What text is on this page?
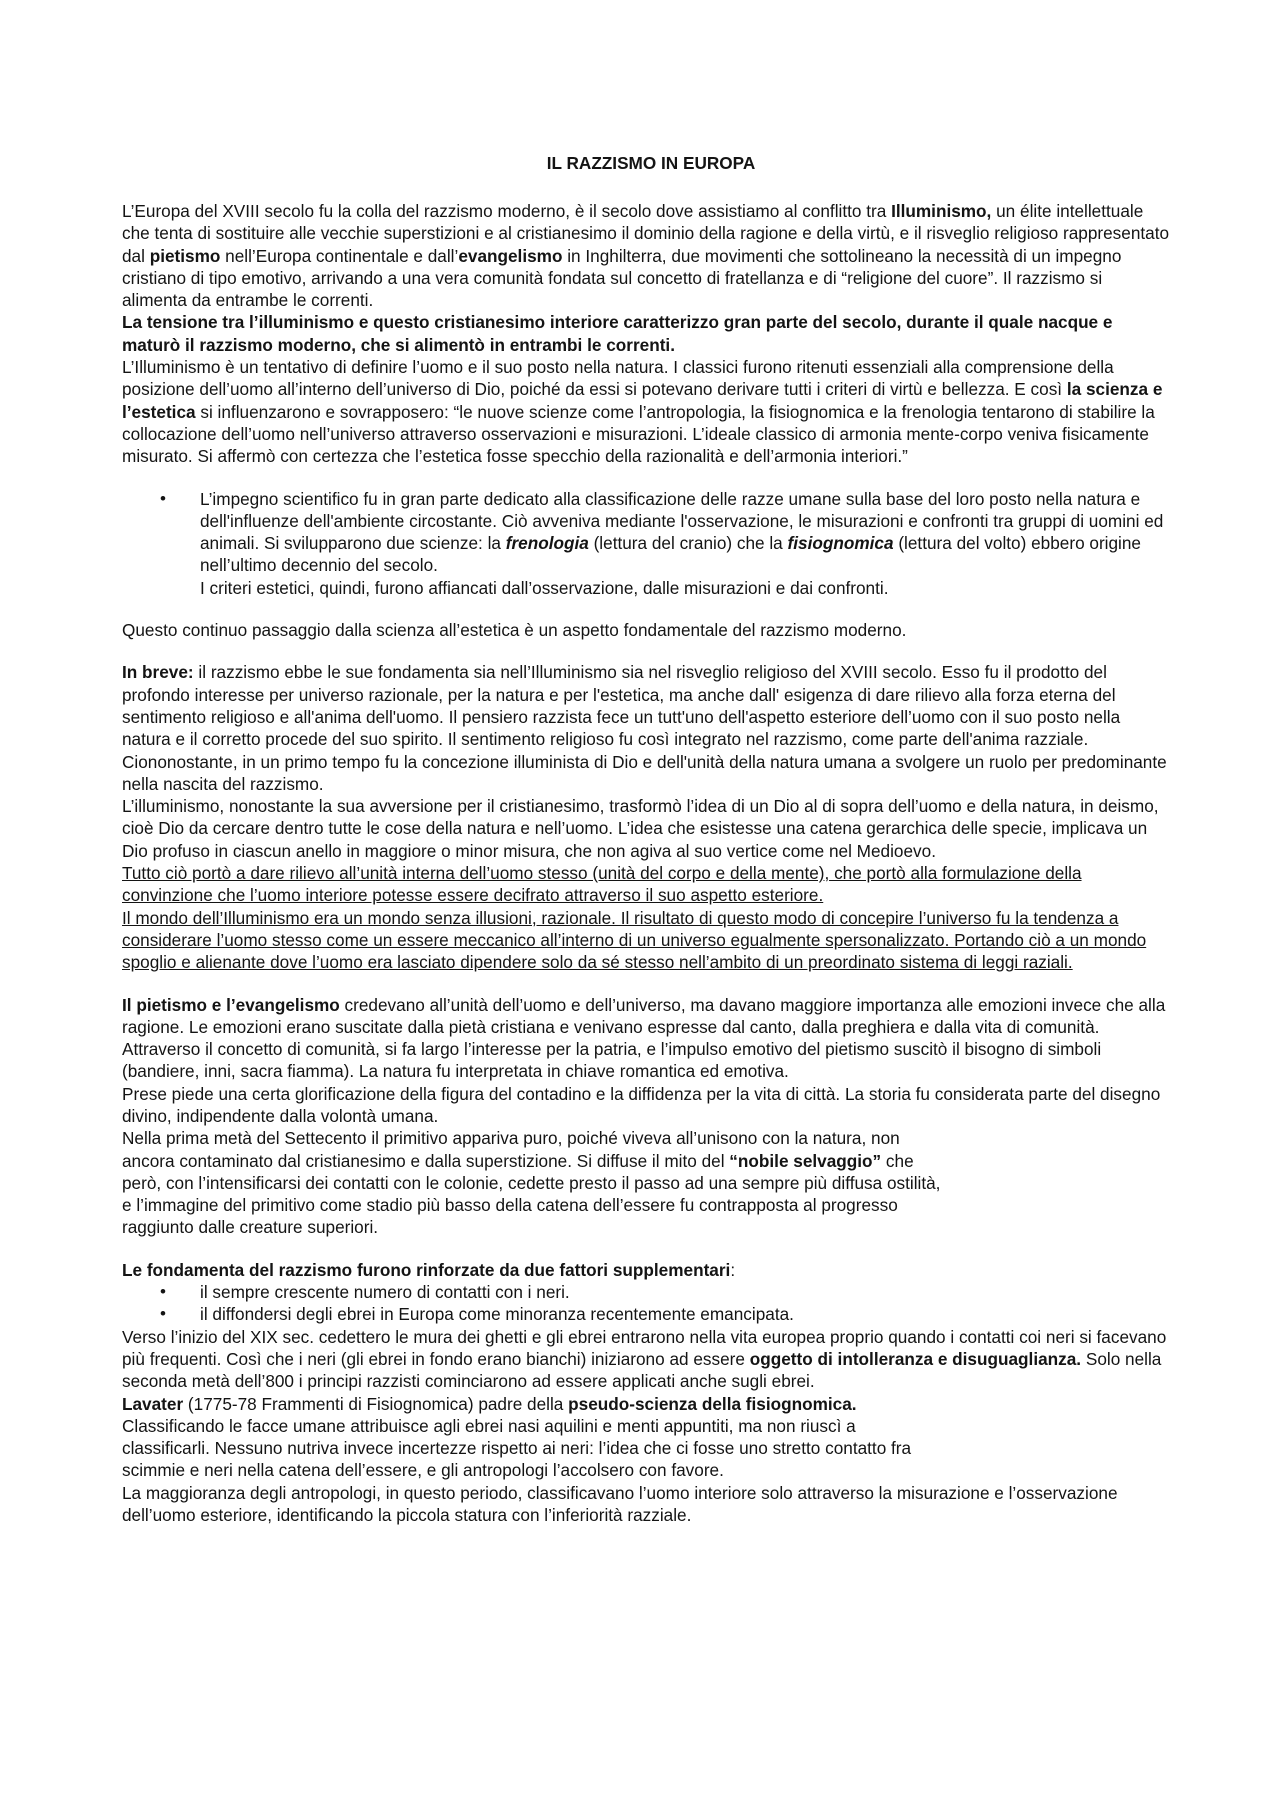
IL RAZZISMO IN EUROPA

L’Europa del XVIII secolo fu la colla del razzismo moderno, è il secolo dove assistiamo al conflitto tra Illuminismo, un élite intellettuale che tenta di sostituire alle vecchie superstizioni e al cristianesimo il dominio della ragione e della virtù, e il risveglio religioso rappresentato dal pietismo nell’Europa continentale e dall’evangelismo in Inghilterra, due movimenti che sottolineano la necessità di un impegno cristiano di tipo emotivo, arrivando a una vera comunità fondata sul concetto di fratellanza e di “religione del cuore”. Il razzismo si alimenta da entrambe le correnti.

La tensione tra l’illuminismo e questo cristianesimo interiore caratterizzo gran parte del secolo, durante il quale nacque e maturò il razzismo moderno, che si alimentò in entrambi le correnti.

L’Illuminismo è un tentativo di definire l’uomo e il suo posto nella natura. I classici furono ritenuti essenziali alla comprensione della posizione dell’uomo all’interno dell’universo di Dio, poiché da essi si potevano derivare tutti i criteri di virtù e bellezza. E così la scienza e l’estetica si influenzarono e sovrapposero: “le nuove scienze come l’antropologia, la fisiognomica e la frenologia tentarono di stabilire la collocazione dell’uomo nell’universo attraverso osservazioni e misurazioni. L’ideale classico di armonia mente-corpo veniva fisicamente misurato. Si affermò con certezza che l’estetica fosse specchio della razionalità e dell’armonia interiori.”

• L’impegno scientifico fu in gran parte dedicato alla classificazione delle razze umane sulla base del loro posto nella natura e dell'influenze dell'ambiente circostante. Ciò avveniva mediante l'osservazione, le misurazioni e confronti tra gruppi di uomini ed animali. Si svilupparono due scienze: la frenologia (lettura del cranio) che la fisiognomica (lettura del volto) ebbero origine nell’ultimo decennio del secolo.
I criteri estetici, quindi, furono affiancati dall’osservazione, dalle misurazioni e dai confronti.

Questo continuo passaggio dalla scienza all’estetica è un aspetto fondamentale del razzismo moderno.

In breve: il razzismo ebbe le sue fondamenta sia nell’Illuminismo sia nel risveglio religioso del XVIII secolo. Esso fu il prodotto del profondo interesse per universo razionale, per la natura e per l'estetica, ma anche dall' esigenza di dare rilievo alla forza eterna del sentimento religioso e all'anima dell'uomo. Il pensiero razzista fece un tutt'uno dell'aspetto esteriore dell’uomo con il suo posto nella natura e il corretto procede del suo spirito. Il sentimento religioso fu così integrato nel razzismo, come parte dell'anima razziale. Ciononostante, in un primo tempo fu la concezione illuminista di Dio e dell'unità della natura umana a svolgere un ruolo per predominante nella nascita del razzismo.

L’illuminismo, nonostante la sua avversione per il cristianesimo, trasformò l’idea di un Dio al di sopra dell’uomo e della natura, in deismo, cioè Dio da cercare dentro tutte le cose della natura e nell’uomo. L’idea che esistesse una catena gerarchica delle specie, implicava un Dio profuso in ciascun anello in maggiore o minor misura, che non agiva al suo vertice come nel Medioevo.

Tutto ciò portò a dare rilievo all’unità interna dell’uomo stesso (unità del corpo e della mente), che portò alla formulazione della convinzione che l’uomo interiore potesse essere decifrato attraverso il suo aspetto esteriore.

Il mondo dell’Illuminismo era un mondo senza illusioni, razionale. Il risultato di questo modo di concepire l’universo fu la tendenza a considerare l’uomo stesso come un essere meccanico all’interno di un universo egualmente spersonalizzato. Portando ciò a un mondo spoglio e alienante dove l’uomo era lasciato dipendere solo da sé stesso nell’ambito di un preordinato sistema di leggi raziali.

Il pietismo e l’evangelismo credevano all’unità dell’uomo e dell’universo, ma davano maggiore importanza alle emozioni invece che alla ragione. Le emozioni erano suscitate dalla pietà cristiana e venivano espresse dal canto, dalla preghiera e dalla vita di comunità.

Attraverso il concetto di comunità, si fa largo l’interesse per la patria, e l’impulso emotivo del pietismo suscitò il bisogno di simboli (bandiere, inni, sacra fiamma). La natura fu interpretata in chiave romantica ed emotiva.

Prese piede una certa glorificazione della figura del contadino e la diffidenza per la vita di città. La storia fu considerata parte del disegno divino, indipendente dalla volontà umana.

Nella prima metà del Settecento il primitivo appariva puro, poiché viveva all’unisono con la natura, non ancora contaminato dal cristianesimo e dalla superstizione. Si diffuse il mito del “nobile selvaggio” che però, con l’intensificarsi dei contatti con le colonie, cedette presto il passo ad una sempre più diffusa ostilità, e l’immagine del primitivo come stadio più basso della catena dell’essere fu contrapposta al progresso raggiunto dalle creature superiori.

Le fondamenta del razzismo furono rinforzate da due fattori supplementari:

• il sempre crescente numero di contatti con i neri.
• il diffondersi degli ebrei in Europa come minoranza recentemente emancipata.

Verso l’inizio del XIX sec. cedettero le mura dei ghetti e gli ebrei entrarono nella vita europea proprio quando i contatti coi neri si facevano più frequenti. Così che i neri (gli ebrei in fondo erano bianchi) iniziarono ad essere oggetto di intolleranza e disuguaglianza. Solo nella seconda metà dell’800 i principi razzisti cominciarono ad essere applicati anche sugli ebrei.

Lavater (1775-78 Frammenti di Fisiognomica) padre della pseudo-scienza della fisiognomica.

Classificando le facce umane attribuisce agli ebrei nasi aquilini e menti appuntiti, ma non riuscì a classificarli. Nessuno nutriva invece incertezze rispetto ai neri: l’idea che ci fosse uno stretto contatto fra scimmie e neri nella catena dell’essere, e gli antropologi l’accolsero con favore.

La maggioranza degli antropologi, in questo periodo, classificavano l’uomo interiore solo attraverso la misurazione e l’osservazione dell’uomo esteriore, identificando la piccola statura con l’inferiorità razziale.
